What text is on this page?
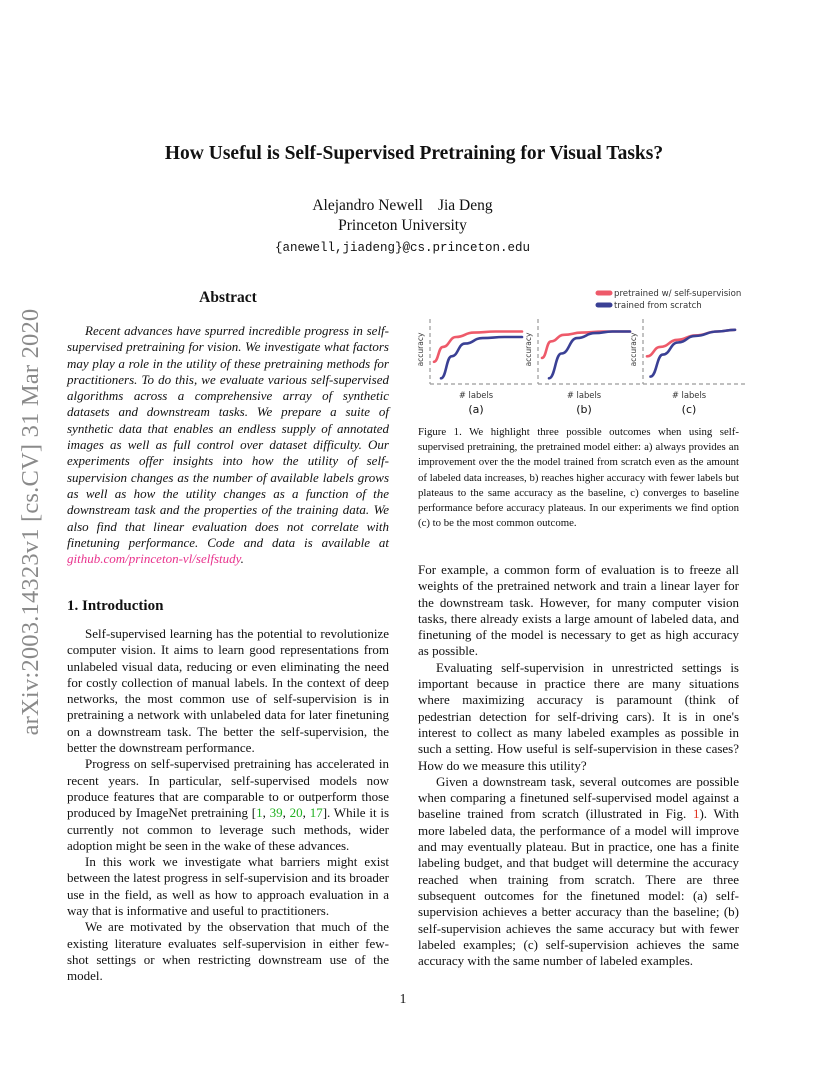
arXiv:2003.14323v1 [cs.CV] 31 Mar 2020
How Useful is Self-Supervised Pretraining for Visual Tasks?
Alejandro Newell Jia Deng
Princeton University
{anewell,jiadeng}@cs.princeton.edu
Abstract
Recent advances have spurred incredible progress in self-supervised pretraining for vision. We investigate what factors may play a role in the utility of these pretraining methods for practitioners. To do this, we evaluate various self-supervised algorithms across a comprehensive array of synthetic datasets and downstream tasks. We prepare a suite of synthetic data that enables an endless supply of annotated images as well as full control over dataset difficulty. Our experiments offer insights into how the utility of self-supervision changes as the number of available labels grows as well as how the utility changes as a function of the downstream task and the properties of the training data. We also find that linear evaluation does not correlate with finetuning performance. Code and data is available at github.com/princeton-vl/selfstudy.
1. Introduction

Self-supervised learning has the potential to revolutionize computer vision. It aims to learn good representations from unlabeled visual data, reducing or even eliminating the need for costly collection of manual labels. In the context of deep networks, the most common use of self-supervision is in pretraining a network with unlabeled data for later finetuning on a downstream task. The better the self-supervision, the better the downstream performance.

Progress on self-supervised pretraining has accelerated in recent years. In particular, self-supervised models now produce features that are comparable to or outperform those produced by ImageNet pretraining [1, 39, 20, 17]. While it is currently not common to leverage such methods, wider adoption might be seen in the wake of these advances.

In this work we investigate what barriers might exist between the latest progress in self-supervision and its broader use in the field, as well as how to approach evaluation in a way that is informative and useful to practitioners.

We are motivated by the observation that much of the existing literature evaluates self-supervision in either few-shot settings or when restricting downstream use of the model.

pretrained w/ self-supervision
trained from scratch
accuracy
# labels
(a)
accuracy
# labels
(b)
accuracy
# labels
(c)
Figure 1. We highlight three possible outcomes when using self-supervised pretraining, the pretrained model either: a) always provides an improvement over the the model trained from scratch even as the amount of labeled data increases, b) reaches higher accuracy with fewer labels but plateaus to the same accuracy as the baseline, c) converges to baseline performance before accuracy plateaus. In our experiments we find option (c) to be the most common outcome.

For example, a common form of evaluation is to freeze all weights of the pretrained network and train a linear layer for the downstream task. However, for many computer vision tasks, there already exists a large amount of labeled data, and finetuning of the model is necessary to get as high accuracy as possible.

Evaluating self-supervision in unrestricted settings is important because in practice there are many situations where maximizing accuracy is paramount (think of pedestrian detection for self-driving cars). It is in one's interest to collect as many labeled examples as possible in such a setting. How useful is self-supervision in these cases? How do we measure this utility?

Given a downstream task, several outcomes are possible when comparing a finetuned self-supervised model against a baseline trained from scratch (illustrated in Fig. 1). With more labeled data, the performance of a model will improve and may eventually plateau. But in practice, one has a finite labeling budget, and that budget will determine the accuracy reached when training from scratch. There are three subsequent outcomes for the finetuned model: (a) self-supervision achieves a better accuracy than the baseline; (b) self-supervision achieves the same accuracy but with fewer labeled examples; (c) self-supervision achieves the same accuracy with the same number of labeled examples.

1
